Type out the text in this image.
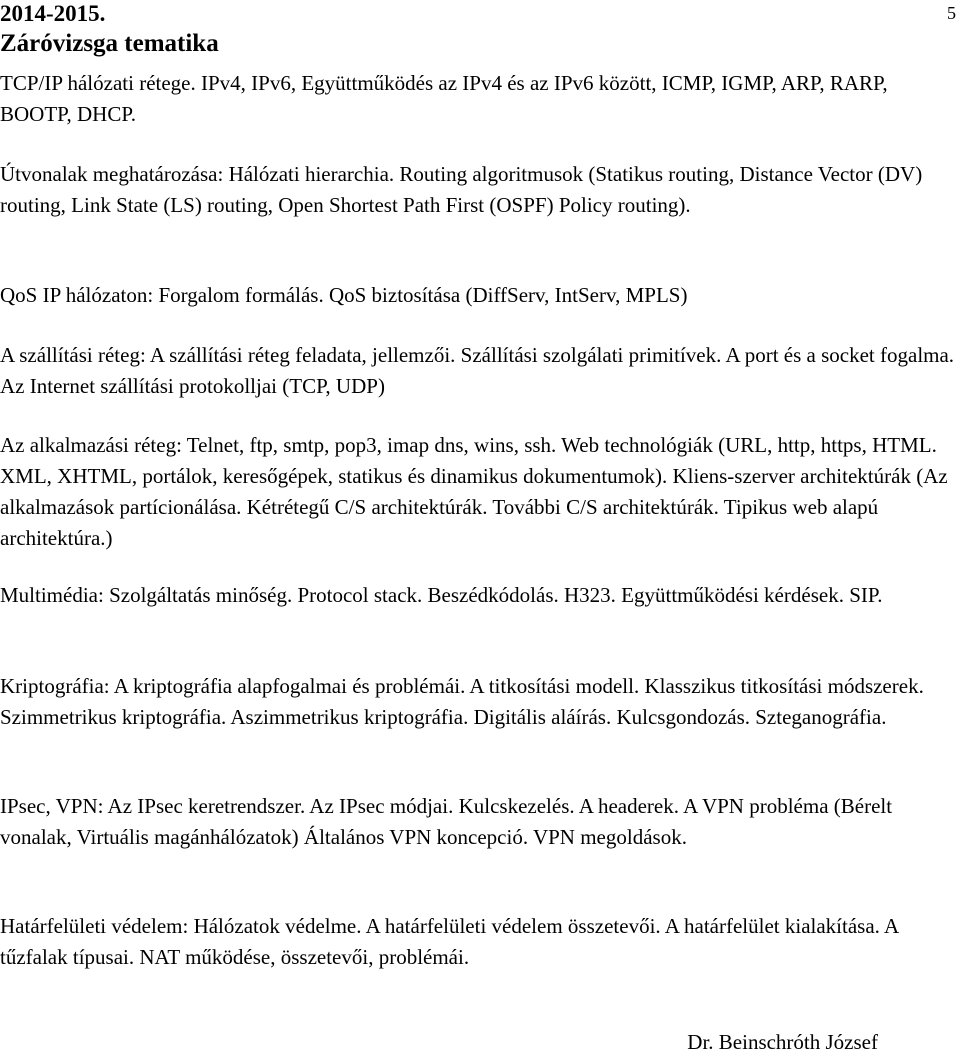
2014-2015.
Záróvizsga tematika
5

TCP/IP hálózati rétege. IPv4, IPv6, Együttműködés az IPv4 és az IPv6 között, ICMP, IGMP, ARP, RARP, BOOTP, DHCP.

Útvonalak meghatározása: Hálózati hierarchia. Routing algoritmusok (Statikus routing, Distance Vector (DV) routing, Link State (LS) routing, Open Shortest Path First (OSPF) Policy routing).

QoS IP hálózaton: Forgalom formálás. QoS biztosítása (DiffServ, IntServ, MPLS)

A szállítási réteg: A szállítási réteg feladata, jellemzői. Szállítási szolgálati primitívek. A port és a socket fogalma. Az Internet szállítási protokolljai (TCP, UDP)

Az alkalmazási réteg: Telnet, ftp, smtp, pop3, imap dns, wins, ssh. Web technológiák (URL, http, https, HTML. XML, XHTML, portálok, keresőgépek, statikus és dinamikus dokumentumok). Kliens-szerver architektúrák (Az alkalmazások partícionálása. Kétrétegű C/S architektúrák. További C/S architektúrák. Tipikus web alapú architektúra.)

Multimédia: Szolgáltatás minőség. Protocol stack. Beszédkódolás. H323. Együttműködési kérdések. SIP.

Kriptográfia: A kriptográfia alapfogalmai és problémái. A titkosítási modell. Klasszikus titkosítási módszerek. Szimmetrikus kriptográfia. Aszimmetrikus kriptográfia. Digitális aláírás. Kulcsgondozás. Szteganográfia.

IPsec, VPN: Az IPsec keretrendszer. Az IPsec módjai. Kulcskezelés. A headerek. A VPN probléma (Bérelt vonalak, Virtuális magánhálózatok) Általános VPN koncepció. VPN megoldások.

Határfelületi védelem: Hálózatok védelme. A határfelületi védelem összetevői. A határfelület kialakítása. A tűzfalak típusai. NAT működése, összetevői, problémái.

Dr. Beinschróth József
